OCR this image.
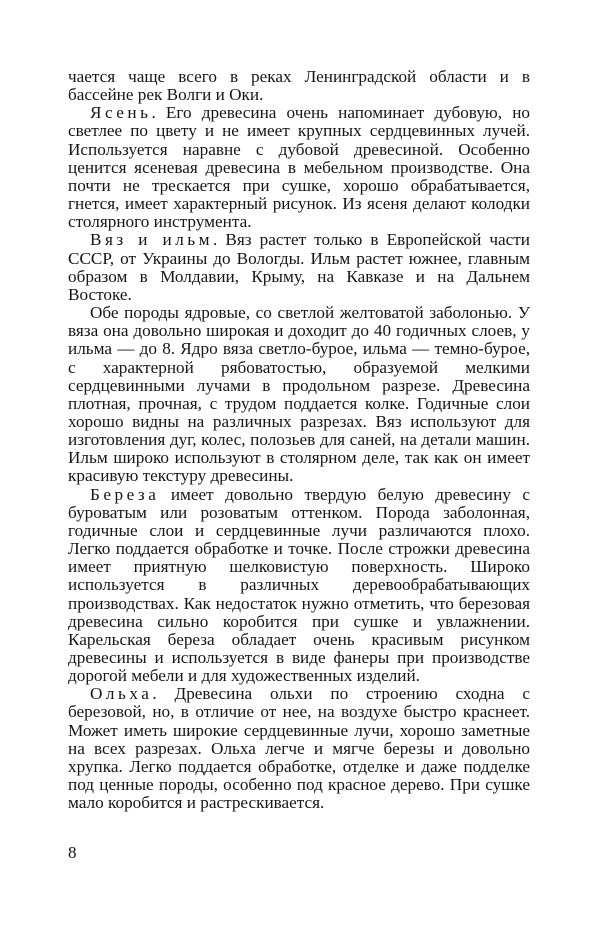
чается чаще всего в реках Ленинградской области и в бассейне рек Волги и Оки.

Ясень. Его древесина очень напоминает дубовую, но светлее по цвету и не имеет крупных сердцевинных лучей. Используется наравне с дубовой древесиной. Особенно ценится ясеневая древесина в мебельном производстве. Она почти не трескается при сушке, хорошо обрабатывается, гнется, имеет характерный рисунок. Из ясеня делают колодки столярного инструмента.

Вяз и ильм. Вяз растет только в Европейской части СССР, от Украины до Вологды. Ильм растет южнее, главным образом в Молдавии, Крыму, на Кавказе и на Дальнем Востоке.

Обе породы ядровые, со светлой желтоватой заболонью. У вяза она довольно широкая и доходит до 40 годичных слоев, у ильма — до 8. Ядро вяза светло-бурое, ильма — темно-бурое, с характерной рябоватостью, образуемой мелкими сердцевинными лучами в продольном разрезе. Древесина плотная, прочная, с трудом поддается колке. Годичные слои хорошо видны на различных разрезах. Вяз используют для изготовления дуг, колес, полозьев для саней, на детали машин. Ильм широко используют в столярном деле, так как он имеет красивую текстуру древесины.

Береза имеет довольно твердую белую древесину с буроватым или розоватым оттенком. Порода заболонная, годичные слои и сердцевинные лучи различаются плохо. Легко поддается обработке и точке. После строжки древесина имеет приятную шелковистую поверхность. Широко используется в различных деревообрабатывающих производствах. Как недостаток нужно отметить, что березовая древесина сильно коробится при сушке и увлажнении. Карельская береза обладает очень красивым рисунком древесины и используется в виде фанеры при производстве дорогой мебели и для художественных изделий.

Ольха. Древесина ольхи по строению сходна с березовой, но, в отличие от нее, на воздухе быстро краснеет. Может иметь широкие сердцевинные лучи, хорошо заметные на всех разрезах. Ольха легче и мягче березы и довольно хрупка. Легко поддается обработке, отделке и даже подделке под ценные породы, особенно под красное дерево. При сушке мало коробится и растрескивается.

8
